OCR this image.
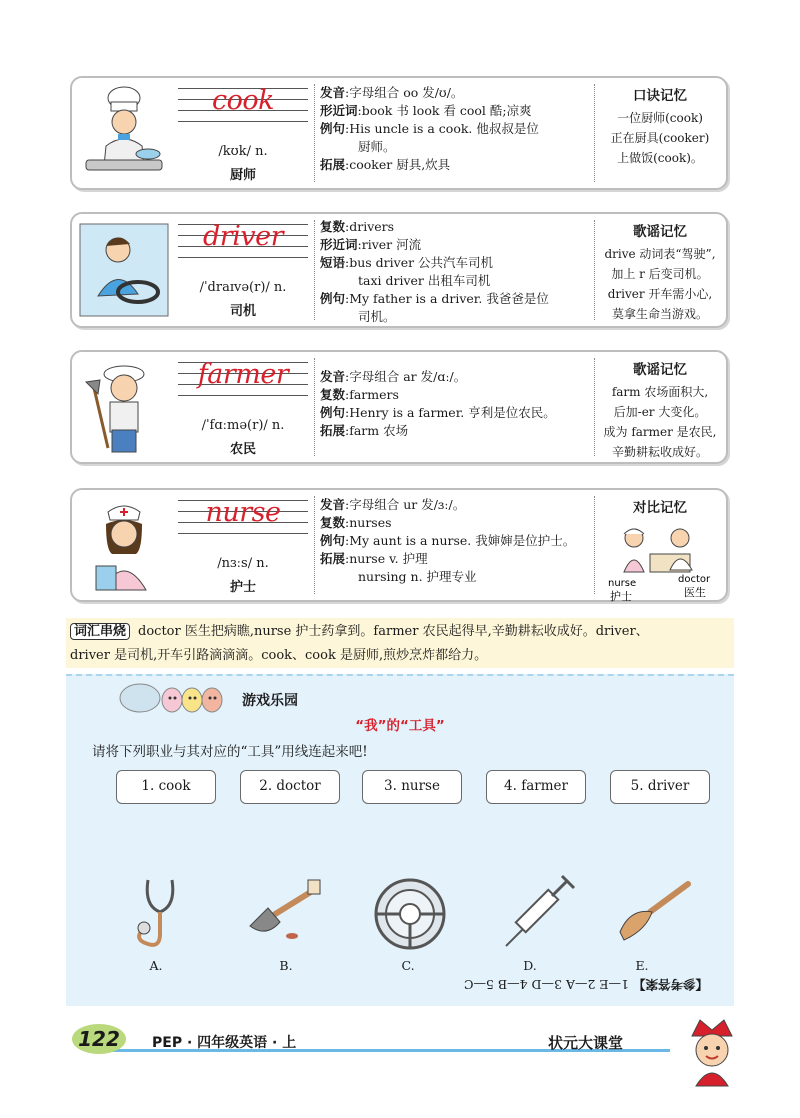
cook
/kʊk/ n.
厨师
发音:字母组合 oo 发/ʊ/。
形近词:book 书 look 看 cool 酷;凉爽
例句:His uncle is a cook. 他叔叔是位
厨师。
拓展:cooker 厨具,炊具
口诀记忆
一位厨师(cook)
正在厨具(cooker)
上做饭(cook)。
driver
/ˈdraɪvə(r)/ n.
司机
复数:drivers
形近词:river 河流
短语:bus driver 公共汽车司机
taxi driver 出租车司机
例句:My father is a driver. 我爸爸是位
司机。
歌谣记忆
drive 动词表“驾驶”,
加上 r 后变司机。
driver 开车需小心,
莫拿生命当游戏。
farmer
/ˈfɑːmə(r)/ n.
农民
发音:字母组合 ar 发/ɑː/。
复数:farmers
例句:Henry is a farmer. 亨利是位农民。
拓展:farm 农场
歌谣记忆
farm 农场面积大,
后加-er 大变化。
成为 farmer 是农民,
辛勤耕耘收成好。
nurse
/nɜːs/ n.
护士
发音:字母组合 ur 发/ɜː/。
复数:nurses
例句:My aunt is a nurse. 我婶婶是位护士。
拓展:nurse v. 护理
nursing n. 护理专业
对比记忆
nurse
护士
doctor
医生
词汇串烧 doctor 医生把病瞧,nurse 护士药拿到。farmer 农民起得早,辛勤耕耘收成好。driver、
driver 是司机,开车引路滴滴滴。cook、cook 是厨师,煎炒烹炸都给力。
游戏乐园
“我”的“工具”
请将下列职业与其对应的“工具”用线连起来吧!
1. cook	2. doctor	3. nurse	4. farmer	5. driver
A.	B.	C.	D.	E.
【参考答案】 1—E 2—A 3—D 4—B 5—C
122	PEP · 四年级英语 · 上	状元大课堂
